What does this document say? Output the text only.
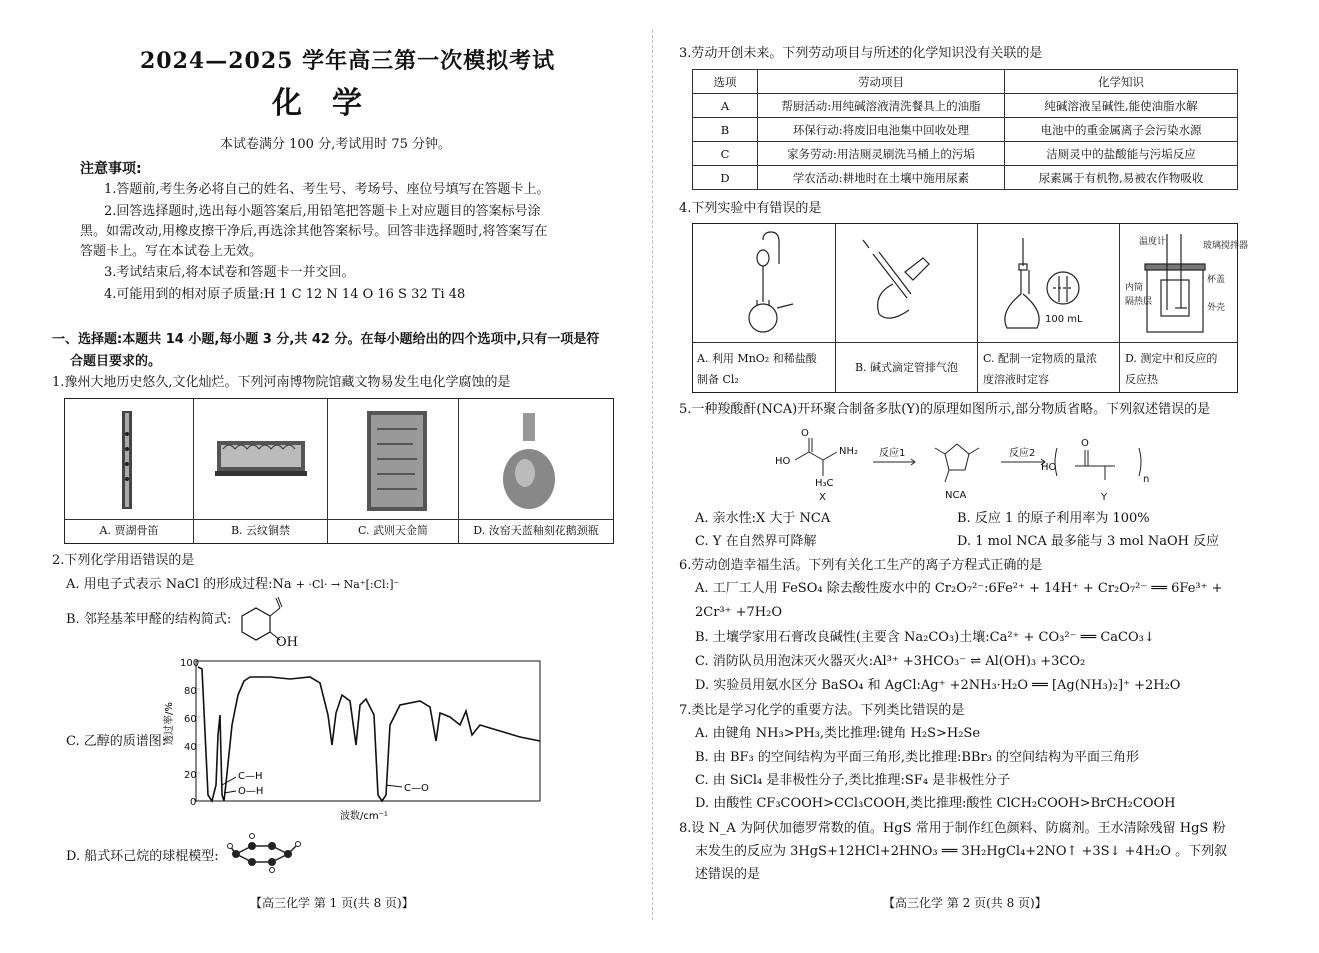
2024—2025 学年高三第一次模拟考试
化学
本试卷满分 100 分,考试用时 75 分钟。
注意事项:
1.答题前,考生务必将自己的姓名、考生号、考场号、座位号填写在答题卡上。
2.回答选择题时,选出每小题答案后,用铅笔把答题卡上对应题目的答案标号涂
黑。如需改动,用橡皮擦干净后,再选涂其他答案标号。回答非选择题时,将答案写在
答题卡上。写在本试卷上无效。
3.考试结束后,将本试卷和答题卡一并交回。
4.可能用到的相对原子质量:H 1 C 12 N 14 O 16 S 32 Ti 48
一、选择题:本题共 14 小题,每小题 3 分,共 42 分。在每小题给出的四个选项中,只有一项是符
合题目要求的。
1.豫州大地历史悠久,文化灿烂。下列河南博物院馆藏文物易发生电化学腐蚀的是
A. 贾湖骨笛	B. 云纹铜禁	C. 武则天金简	D. 汝窑天蓝釉刻花鹅颈瓶
2.下列化学用语错误的是
A. 用电子式表示 NaCl 的形成过程:Na + ·Cl· → Na⁺[:Cl:]⁻
B. 邻羟基苯甲醛的结构简式:
OH
C. 乙醇的质谱图:
100
80
60
40
20
0
透过率/%
C—H
O—H	C—O
波数/cm⁻¹
D. 船式环己烷的球棍模型:
【高三化学 第 1 页(共 8 页)】
3.劳动开创未来。下列劳动项目与所述的化学知识没有关联的是
选项	劳动项目	化学知识
A	帮厨活动:用纯碱溶液清洗餐具上的油脂	纯碱溶液呈碱性,能使油脂水解
B	环保行动:将废旧电池集中回收处理	电池中的重金属离子会污染水源
C	家务劳动:用洁厕灵刷洗马桶上的污垢	洁厕灵中的盐酸能与污垢反应
D	学农活动:耕地时在土壤中施用尿素	尿素属于有机物,易被农作物吸收
4.下列实验中有错误的是
100 mL
温度计	玻璃搅拌器
内筒
隔热层
杯盖
外壳
A. 利用 MnO₂ 和稀盐酸
制备 Cl₂
B. 碱式滴定管排气泡
C. 配制一定物质的量浓
度溶液时定容
D. 测定中和反应的
反应热
5.一种羧酸酐(NCA)开环聚合制备多肽(Y)的原理如图所示,部分物质省略。下列叙述错误的是
HO
NH₂
H₃C
X
O
反应1
NCA
反应2
HO
O
Y
n
A. 亲水性:X 大于 NCA	B. 反应 1 的原子利用率为 100%
C. Y 在自然界可降解	D. 1 mol NCA 最多能与 3 mol NaOH 反应
6.劳动创造幸福生活。下列有关化工生产的离子方程式正确的是
A. 工厂工人用 FeSO₄ 除去酸性废水中的 Cr₂O₇²⁻:6Fe²⁺ + 14H⁺ + Cr₂O₇²⁻ ══ 6Fe³⁺ +
2Cr³⁺ +7H₂O
B. 土壤学家用石膏改良碱性(主要含 Na₂CO₃)土壤:Ca²⁺ + CO₃²⁻ ══ CaCO₃↓
C. 消防队员用泡沫灭火器灭火:Al³⁺ +3HCO₃⁻ ⇌ Al(OH)₃ +3CO₂
D. 实验员用氨水区分 BaSO₄ 和 AgCl:Ag⁺ +2NH₃·H₂O ══ [Ag(NH₃)₂]⁺ +2H₂O
7.类比是学习化学的重要方法。下列类比错误的是
A. 由键角 NH₃>PH₃,类比推理:键角 H₂S>H₂Se
B. 由 BF₃ 的空间结构为平面三角形,类比推理:BBr₃ 的空间结构为平面三角形
C. 由 SiCl₄ 是非极性分子,类比推理:SF₄ 是非极性分子
D. 由酸性 CF₃COOH>CCl₃COOH,类比推理:酸性 ClCH₂COOH>BrCH₂COOH
8.设 N_A 为阿伏加德罗常数的值。HgS 常用于制作红色颜料、防腐剂。王水清除残留 HgS 粉
末发生的反应为 3HgS+12HCl+2HNO₃ ══ 3H₂HgCl₄+2NO↑ +3S↓ +4H₂O 。下列叙
述错误的是
【高三化学 第 2 页(共 8 页)】
